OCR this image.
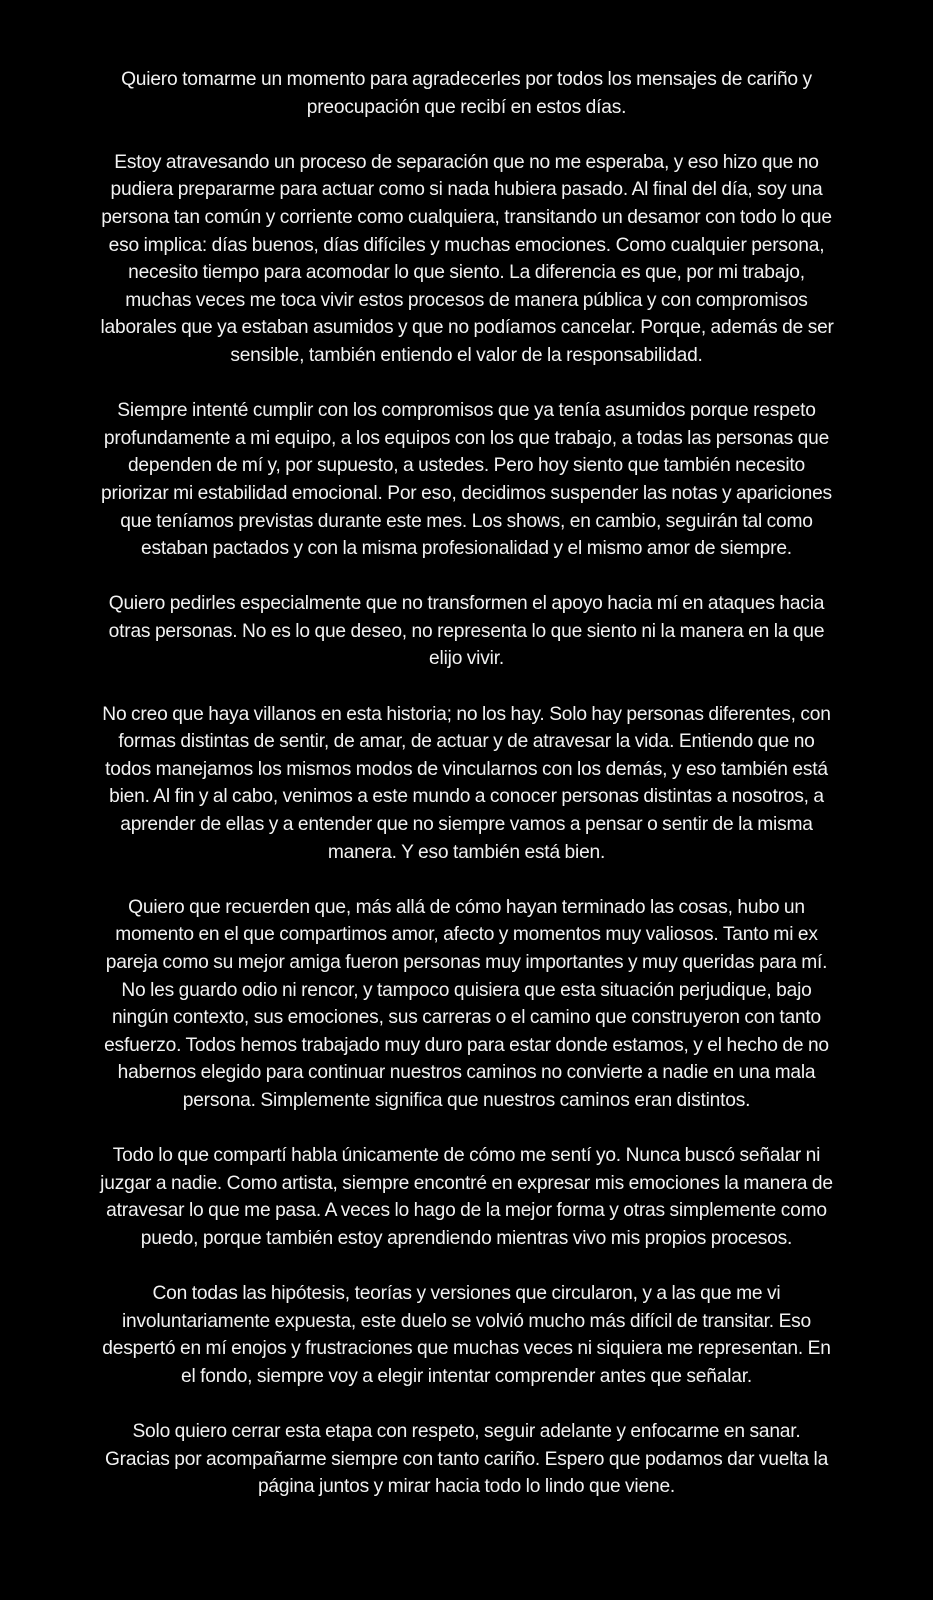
Quiero tomarme un momento para agradecerles por todos los mensajes de cariño y
preocupación que recibí en estos días.
Estoy atravesando un proceso de separación que no me esperaba, y eso hizo que no
pudiera prepararme para actuar como si nada hubiera pasado. Al final del día, soy una
persona tan común y corriente como cualquiera, transitando un desamor con todo lo que
eso implica: días buenos, días difíciles y muchas emociones. Como cualquier persona,
necesito tiempo para acomodar lo que siento. La diferencia es que, por mi trabajo,
muchas veces me toca vivir estos procesos de manera pública y con compromisos
laborales que ya estaban asumidos y que no podíamos cancelar. Porque, además de ser
sensible, también entiendo el valor de la responsabilidad.
Siempre intenté cumplir con los compromisos que ya tenía asumidos porque respeto
profundamente a mi equipo, a los equipos con los que trabajo, a todas las personas que
dependen de mí y, por supuesto, a ustedes. Pero hoy siento que también necesito
priorizar mi estabilidad emocional. Por eso, decidimos suspender las notas y apariciones
que teníamos previstas durante este mes. Los shows, en cambio, seguirán tal como
estaban pactados y con la misma profesionalidad y el mismo amor de siempre.
Quiero pedirles especialmente que no transformen el apoyo hacia mí en ataques hacia
otras personas. No es lo que deseo, no representa lo que siento ni la manera en la que
elijo vivir.
No creo que haya villanos en esta historia; no los hay. Solo hay personas diferentes, con
formas distintas de sentir, de amar, de actuar y de atravesar la vida. Entiendo que no
todos manejamos los mismos modos de vincularnos con los demás, y eso también está
bien. Al fin y al cabo, venimos a este mundo a conocer personas distintas a nosotros, a
aprender de ellas y a entender que no siempre vamos a pensar o sentir de la misma
manera. Y eso también está bien.
Quiero que recuerden que, más allá de cómo hayan terminado las cosas, hubo un
momento en el que compartimos amor, afecto y momentos muy valiosos. Tanto mi ex
pareja como su mejor amiga fueron personas muy importantes y muy queridas para mí.
No les guardo odio ni rencor, y tampoco quisiera que esta situación perjudique, bajo
ningún contexto, sus emociones, sus carreras o el camino que construyeron con tanto
esfuerzo. Todos hemos trabajado muy duro para estar donde estamos, y el hecho de no
habernos elegido para continuar nuestros caminos no convierte a nadie en una mala
persona. Simplemente significa que nuestros caminos eran distintos.
Todo lo que compartí habla únicamente de cómo me sentí yo. Nunca buscó señalar ni
juzgar a nadie. Como artista, siempre encontré en expresar mis emociones la manera de
atravesar lo que me pasa. A veces lo hago de la mejor forma y otras simplemente como
puedo, porque también estoy aprendiendo mientras vivo mis propios procesos.
Con todas las hipótesis, teorías y versiones que circularon, y a las que me vi
involuntariamente expuesta, este duelo se volvió mucho más difícil de transitar. Eso
despertó en mí enojos y frustraciones que muchas veces ni siquiera me representan. En
el fondo, siempre voy a elegir intentar comprender antes que señalar.
Solo quiero cerrar esta etapa con respeto, seguir adelante y enfocarme en sanar.
Gracias por acompañarme siempre con tanto cariño. Espero que podamos dar vuelta la
página juntos y mirar hacia todo lo lindo que viene.
